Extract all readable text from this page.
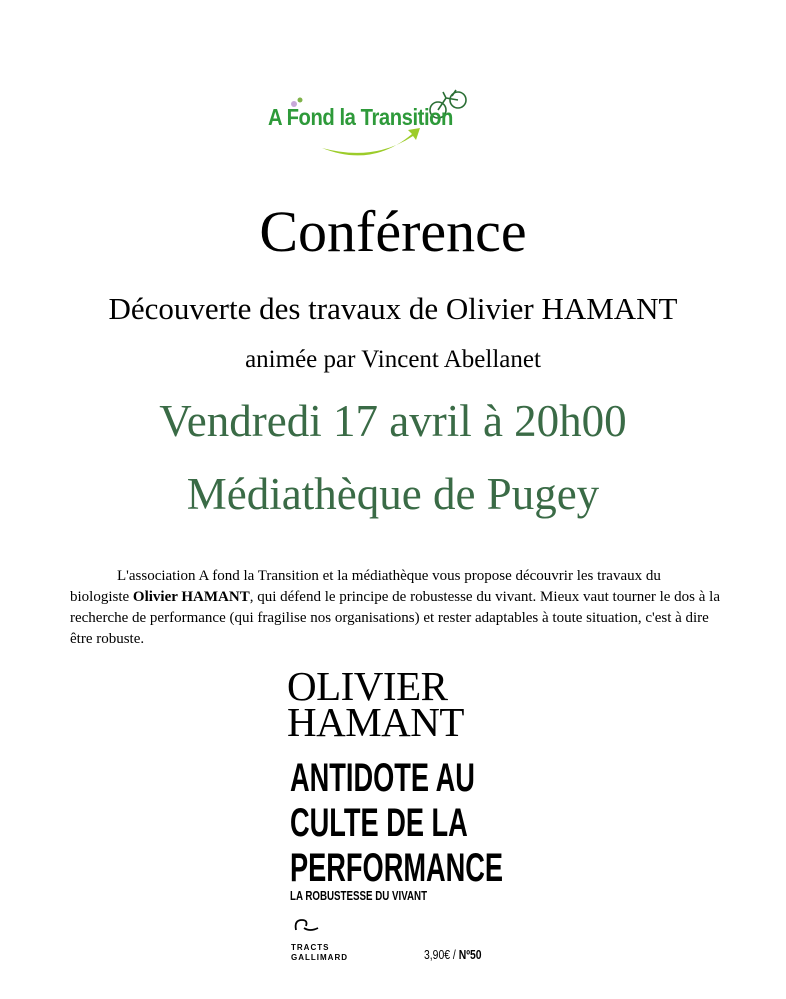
A Fond la Transition
Conférence
Découverte des travaux de Olivier HAMANT
animée par Vincent Abellanet
Vendredi 17 avril à 20h00
Médiathèque de Pugey
L'association A fond la Transition et la médiathèque vous propose découvrir les travaux du biologiste Olivier HAMANT, qui défend le principe de robustesse du vivant. Mieux vaut tourner le dos à la recherche de performance (qui fragilise nos organisations) et rester adaptables à toute situation, c'est à dire être robuste.
OLIVIER
HAMANT
ANTIDOTE AU
CULTE DE LA
PERFORMANCE
LA ROBUSTESSE DU VIVANT
TRACTS
GALLIMARD	3,90€ / Nº50
